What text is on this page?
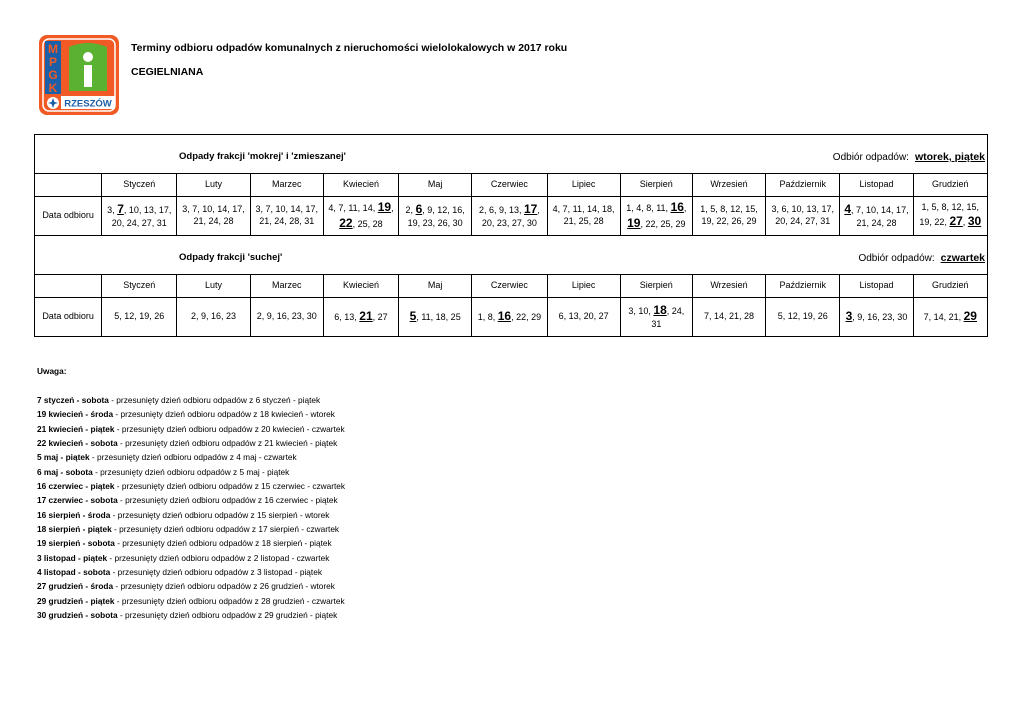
M
P
G
K
RZESZÓW
Terminy odbioru odpadów komunalnych z nieruchomości wielolokalowych w 2017 roku
CEGIELNIANA
Odpady frakcji 'mokrej' i 'zmieszanej' Odbiór odpadów: wtorek, piątek												

	Styczeń	Luty	Marzec	Kwiecień	Maj	Czerwiec	Lipiec	Sierpień	Wrzesień	Październik	Listopad	Grudzień
Data odbioru	3, 7, 10, 13, 17, 20, 24, 27, 31	3, 7, 10, 14, 17, 21, 24, 28	3, 7, 10, 14, 17, 21, 24, 28, 31	4, 7, 11, 14, 19, 22, 25, 28	2, 6, 9, 12, 16, 19, 23, 26, 30	2, 6, 9, 13, 17, 20, 23, 27, 30	4, 7, 11, 14, 18, 21, 25, 28	1, 4, 8, 11, 16, 19, 22, 25, 29	1, 5, 8, 12, 15, 19, 22, 26, 29	3, 6, 10, 13, 17, 20, 24, 27, 31	4, 7, 10, 14, 17, 21, 24, 28	1, 5, 8, 12, 15, 19, 22, 27, 30

Odpady frakcji 'suchej' Odbiór odpadów: czwartek												

	Styczeń	Luty	Marzec	Kwiecień	Maj	Czerwiec	Lipiec	Sierpień	Wrzesień	Październik	Listopad	Grudzień
Data odbioru	5, 12, 19, 26	2, 9, 16, 23	2, 9, 16, 23, 30	6, 13, 21, 27	5, 11, 18, 25	1, 8, 16, 22, 29	6, 13, 20, 27	3, 10, 18, 24, 31	7, 14, 21, 28	5, 12, 19, 26	3, 9, 16, 23, 30	7, 14, 21, 29
Uwaga:
7 styczeń - sobota - przesunięty dzień odbioru odpadów z 6 styczeń - piątek
19 kwiecień - środa - przesunięty dzień odbioru odpadów z 18 kwiecień - wtorek
21 kwiecień - piątek - przesunięty dzień odbioru odpadów z 20 kwiecień - czwartek
22 kwiecień - sobota - przesunięty dzień odbioru odpadów z 21 kwiecień - piątek
5 maj - piątek - przesunięty dzień odbioru odpadów z 4 maj - czwartek
6 maj - sobota - przesunięty dzień odbioru odpadów z 5 maj - piątek
16 czerwiec - piątek - przesunięty dzień odbioru odpadów z 15 czerwiec - czwartek
17 czerwiec - sobota - przesunięty dzień odbioru odpadów z 16 czerwiec - piątek
16 sierpień - środa - przesunięty dzień odbioru odpadów z 15 sierpień - wtorek
18 sierpień - piątek - przesunięty dzień odbioru odpadów z 17 sierpień - czwartek
19 sierpień - sobota - przesunięty dzień odbioru odpadów z 18 sierpień - piątek
3 listopad - piątek - przesunięty dzień odbioru odpadów z 2 listopad - czwartek
4 listopad - sobota - przesunięty dzień odbioru odpadów z 3 listopad - piątek
27 grudzień - środa - przesunięty dzień odbioru odpadów z 26 grudzień - wtorek
29 grudzień - piątek - przesunięty dzień odbioru odpadów z 28 grudzień - czwartek
30 grudzień - sobota - przesunięty dzień odbioru odpadów z 29 grudzień - piątek
